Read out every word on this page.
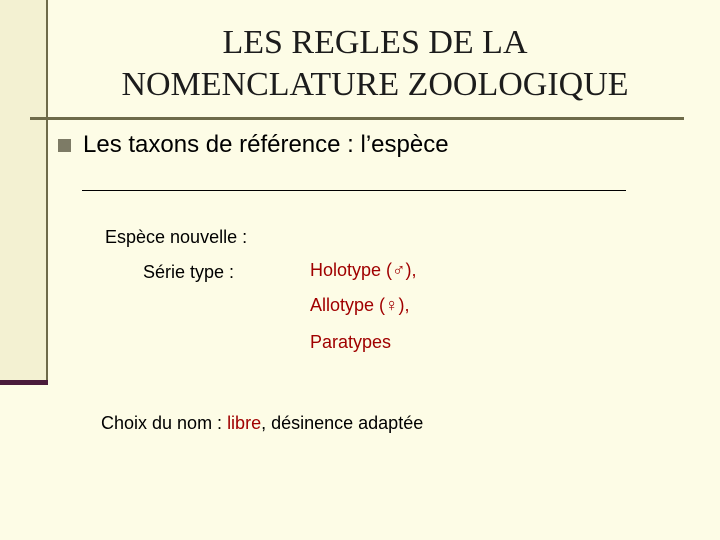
LES REGLES DE LA
NOMENCLATURE ZOOLOGIQUE
Les taxons de référence : l’espèce
Espèce nouvelle :
Série type :	Holotype (♂),
Allotype (♀),
Paratypes
Choix du nom : libre, désinence adaptée
